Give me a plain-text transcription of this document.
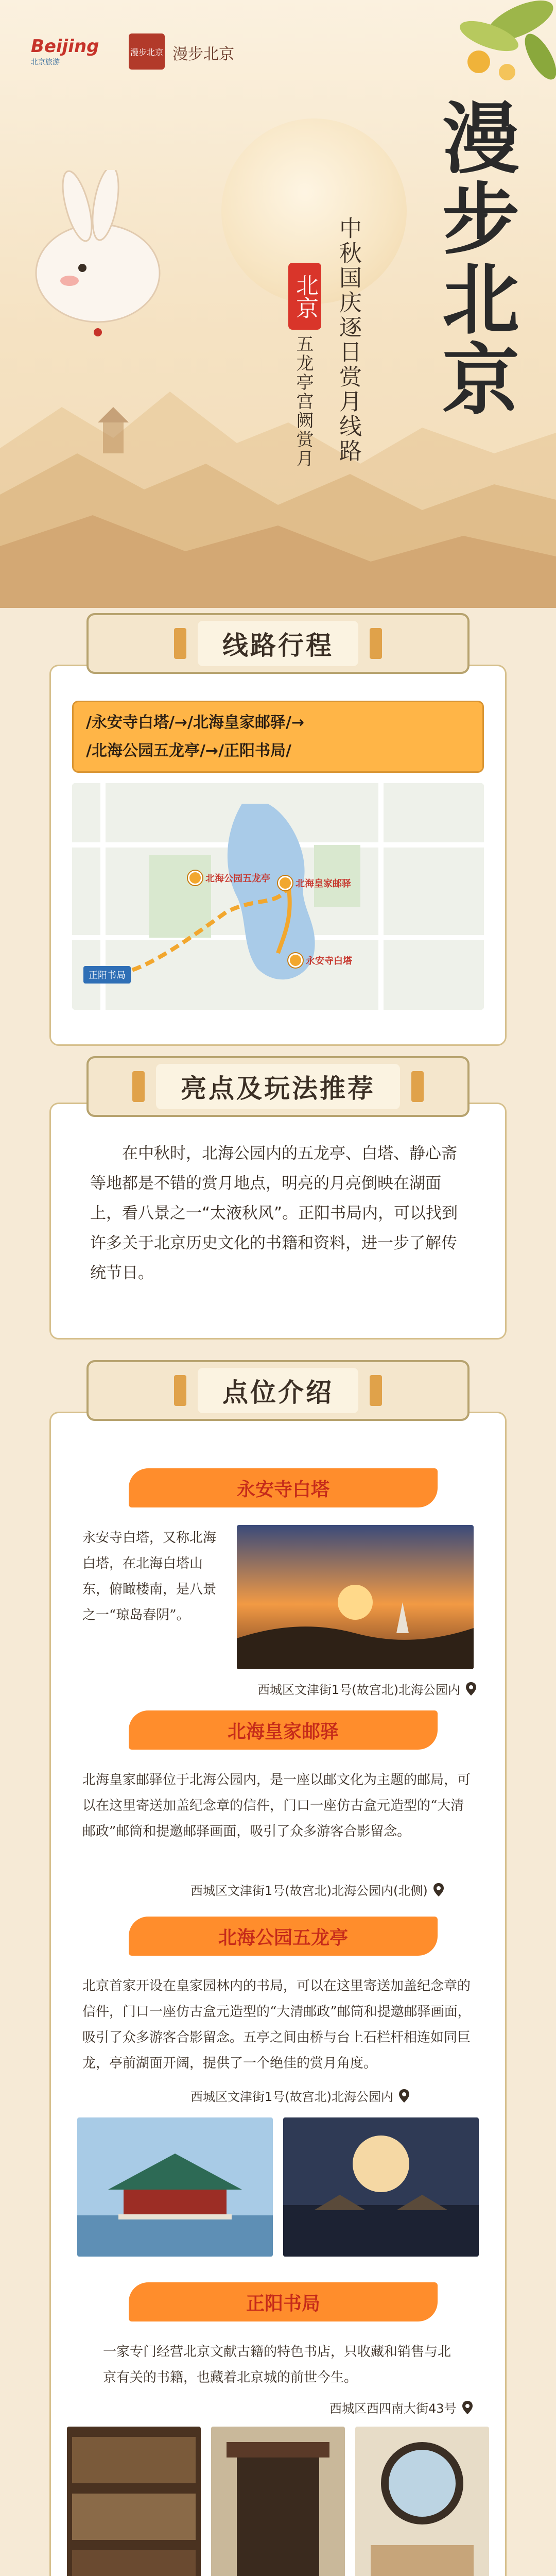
Beijing
北京旅游
漫步北京 漫步北京
漫步北京
中秋国庆逐日赏月线路
北京
五龙亭宫阙赏月
线路行程
/永安寺白塔/→/北海皇家邮驿/→
/北海公园五龙亭/→/正阳书局/
北海公园五龙亭	北海皇家邮驿
永安寺白塔
正阳书局
亮点及玩法推荐
在中秋时，北海公园内的五龙亭、白塔、静心斋等地都是不错的赏月地点，明亮的月亮倒映在湖面上，看八景之一“太液秋风”。正阳书局内，可以找到许多关于北京历史文化的书籍和资料，进一步了解传统节日。
点位介绍
永安寺白塔
永安寺白塔，又称北海白塔，在北海白塔山东，俯瞰楼南，是八景之一“琼岛春阴”。
西城区文津街1号(故宫北)北海公园内
北海皇家邮驿
北海皇家邮驿位于北海公园内，是一座以邮文化为主题的邮局，可以在这里寄送加盖纪念章的信件，门口一座仿古盒元造型的“大清邮政”邮筒和提邀邮驿画面，吸引了众多游客合影留念。
西城区文津街1号(故宫北)北海公园内(北侧)
北海公园五龙亭
北京首家开设在皇家园林内的书局，可以在这里寄送加盖纪念章的信件，门口一座仿古盒元造型的“大清邮政”邮筒和提邀邮驿画面，吸引了众多游客合影留念。五亭之间由桥与台上石栏杆相连如同巨龙，亭前湖面开阔，提供了一个绝佳的赏月角度。
西城区文津街1号(故宫北)北海公园内
正阳书局
一家专门经营北京文献古籍的特色书店，只收藏和销售与北京有关的书籍，也藏着北京城的前世今生。
西城区西四南大街43号
